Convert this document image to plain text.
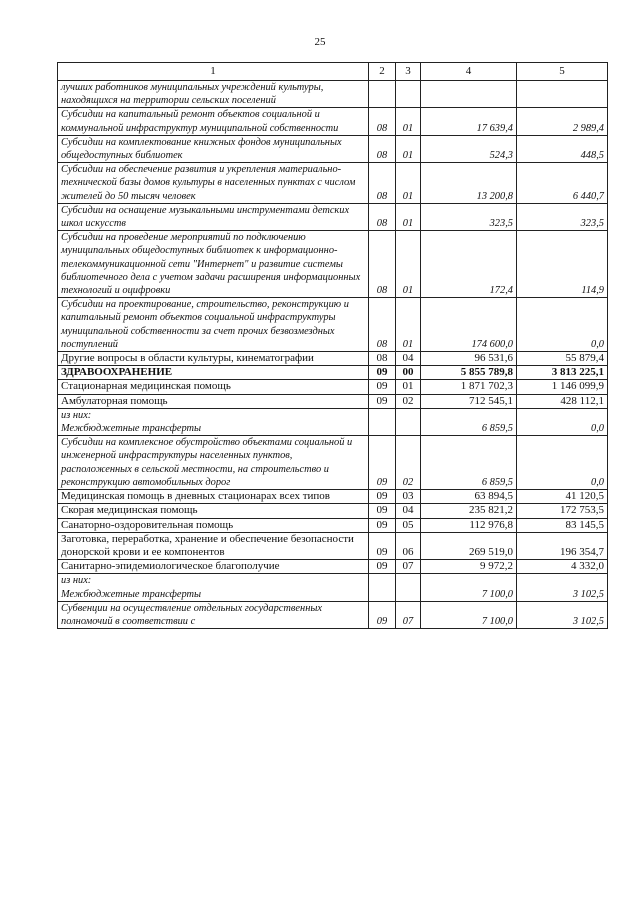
25
1	2	3	4	5
лучших работников муниципальных учреждений культуры, находящихся на территории сельских поселений				
Субсидии на капитальный ремонт объектов социальной и коммунальной инфраструктур муниципальной собственности	08	01	17 639,4	2 989,4
Субсидии на комплектование книжных фондов муниципальных общедоступных библиотек	08	01	524,3	448,5
Субсидии на обеспечение развития и укрепления материально-технической базы домов культуры в населенных пунктах с числом жителей до 50 тысяч человек	08	01	13 200,8	6 440,7
Субсидии на оснащение музыкальными инструментами детских школ искусств	08	01	323,5	323,5
Субсидии на проведение мероприятий по подключению муниципальных общедоступных библиотек к информационно-телекоммуникационной сети "Интернет" и развитие системы библиотечного дела с учетом задачи расширения информационных технологий и оцифровки	08	01	172,4	114,9
Субсидии на проектирование, строительство, реконструкцию и капитальный ремонт объектов социальной инфраструктуры муниципальной собственности за счет прочих безвозмездных поступлений	08	01	174 600,0	0,0
Другие вопросы в области культуры, кинематографии	08	04	96 531,6	55 879,4
ЗДРАВООХРАНЕНИЕ	09	00	5 855 789,8	3 813 225,1
Стационарная медицинская помощь	09	01	1 871 702,3	1 146 099,9
Амбулаторная помощь	09	02	712 545,1	428 112,1

из них:
Межбюджетные трансферты			6 859,5	0,0
Субсидии на комплексное обустройство объектами социальной и инженерной инфраструктуры населенных пунктов, расположенных в сельской местности, на строительство и реконструкцию автомобильных дорог	09	02	6 859,5	0,0
Медицинская помощь в дневных стационарах всех типов	09	03	63 894,5	41 120,5
Скорая медицинская помощь	09	04	235 821,2	172 753,5
Санаторно-оздоровительная помощь	09	05	112 976,8	83 145,5
Заготовка, переработка, хранение и обеспечение безопасности донорской крови и ее компонентов	09	06	269 519,0	196 354,7
Санитарно-эпидемиологическое благополучие	09	07	9 972,2	4 332,0

из них:
Межбюджетные трансферты			7 100,0	3 102,5
Субвенции на осуществление отдельных государственных полномочий в соответствии с	09	07	7 100,0	3 102,5
